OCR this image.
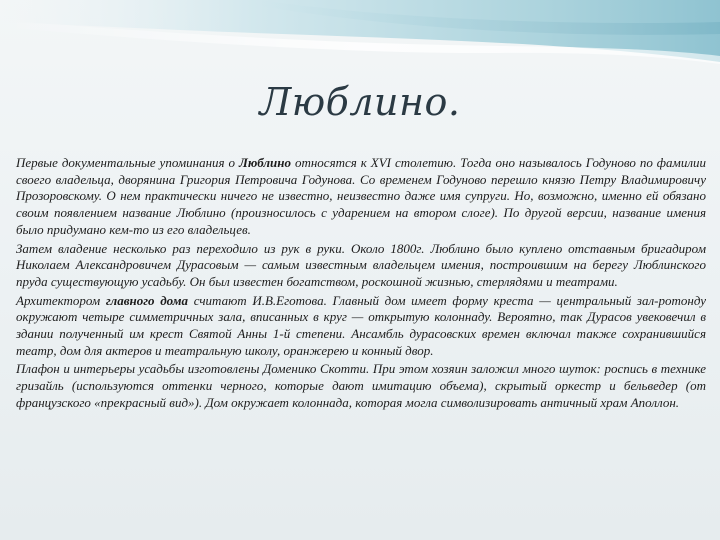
Люблино.

Первые документальные упоминания о Люблино относятся к XVI столетию. Тогда оно называлось Годуново по фамилии своего владельца, дворянина Григория Петровича Годунова. Со временем Годуново перешло князю Петру Владимировичу Прозоровскому. О нем практически ничего не известно, неизвестно даже имя супруги. Но, возможно, именно ей обязано своим появлением название Люблино (произносилось с ударением на втором слоге). По другой версии, название имения было придумано кем-то из его владельцев.

Затем владение несколько раз переходило из рук в руки. Около 1800г. Люблино было куплено отставным бригадиром Николаем Александровичем Дурасовым — самым известным владельцем имения, построившим на берегу Люблинского пруда существующую усадьбу. Он был известен богатством, роскошной жизнью, стерлядями и театрами.

Архитектором главного дома считают И.В.Еготова. Главный дом имеет форму креста — центральный зал-ротонду окружают четыре симметричных зала, вписанных в круг — открытую колоннаду. Вероятно, так Дурасов увековечил в здании полученный им крест Святой Анны 1-й степени. Ансамбль дурасовских времен включал также сохранившийся театр, дом для актеров и театральную школу, оранжерею и конный двор.

Плафон и интерьеры усадьбы изготовлены Доменико Скотти. При этом хозяин заложил много шуток: роспись в технике гризайль (используются оттенки черного, которые дают имитацию объема), скрытый оркестр и бельведер (от французского «прекрасный вид»). Дом окружает колоннада, которая могла символизировать античный храм Аполлон.
